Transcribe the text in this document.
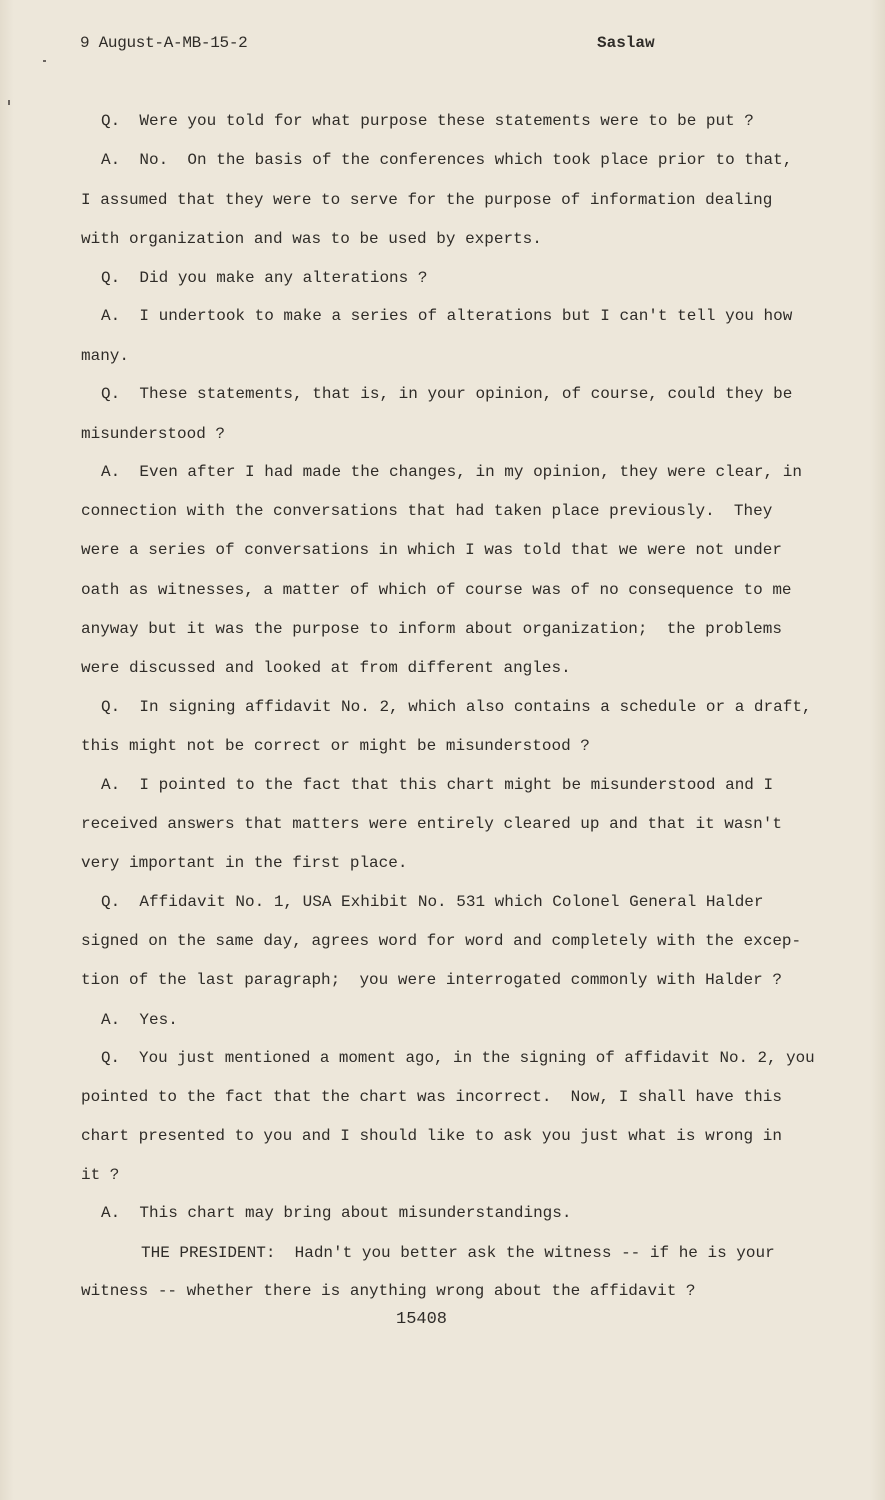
9 August-A-MB-15-2	Saslaw
Q.  Were you told for what purpose these statements were to be put ?
A.  No.  On the basis of the conferences which took place prior to that,
I assumed that they were to serve for the purpose of information dealing
with organization and was to be used by experts.
Q.  Did you make any alterations ?
A.  I undertook to make a series of alterations but I can't tell you how
many.
Q.  These statements, that is, in your opinion, of course, could they be
misunderstood ?
A.  Even after I had made the changes, in my opinion, they were clear, in
connection with the conversations that had taken place previously.  They
were a series of conversations in which I was told that we were not under
oath as witnesses, a matter of which of course was of no consequence to me
anyway but it was the purpose to inform about organization;  the problems
were discussed and looked at from different angles.
Q.  In signing affidavit No. 2, which also contains a schedule or a draft,
this might not be correct or might be misunderstood ?
A.  I pointed to the fact that this chart might be misunderstood and I
received answers that matters were entirely cleared up and that it wasn't
very important in the first place.
Q.  Affidavit No. 1, USA Exhibit No. 531 which Colonel General Halder
signed on the same day, agrees word for word and completely with the excep-
tion of the last paragraph;  you were interrogated commonly with Halder ?
A.  Yes.
Q.  You just mentioned a moment ago, in the signing of affidavit No. 2, you
pointed to the fact that the chart was incorrect.  Now, I shall have this
chart presented to you and I should like to ask you just what is wrong in
it ?
A.  This chart may bring about misunderstandings.
THE PRESIDENT:  Hadn't you better ask the witness -- if he is your
witness -- whether there is anything wrong about the affidavit ?
15408
